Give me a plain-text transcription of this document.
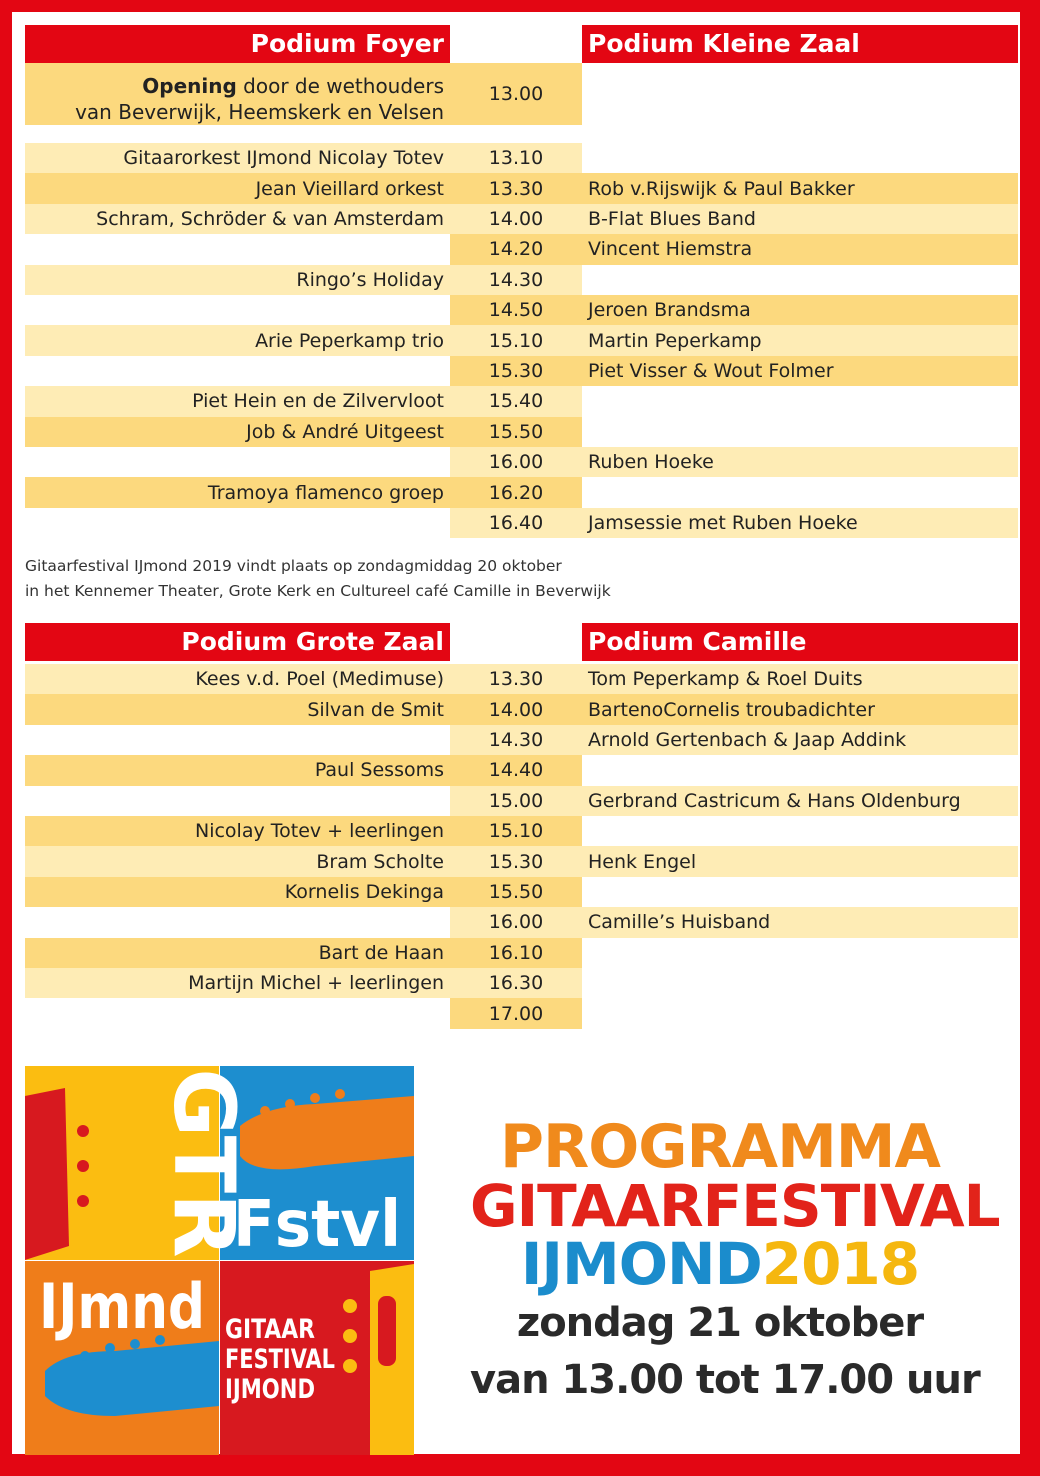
Podium Foyer	Podium Kleine Zaal
Opening door de wethouders
van Beverwijk, Heemskerk en Velsen
13.00
Gitaarorkest IJmond Nicolay Totev	13.10
Jean Vieillard orkest	13.30	Rob v.Rijswijk & Paul Bakker
Schram, Schröder & van Amsterdam	14.00	B-Flat Blues Band
14.20	Vincent Hiemstra
Ringo’s Holiday	14.30
14.50	Jeroen Brandsma
Arie Peperkamp trio	15.10	Martin Peperkamp
15.30	Piet Visser & Wout Folmer
Piet Hein en de Zilvervloot	15.40
Job & André Uitgeest	15.50
16.00	Ruben Hoeke
Tramoya flamenco groep	16.20
16.40	Jamsessie met Ruben Hoeke
Gitaarfestival IJmond 2019 vindt plaats op zondagmiddag 20 oktober
in het Kennemer Theater, Grote Kerk en Cultureel café Camille in Beverwijk
Podium Grote Zaal	Podium Camille
Kees v.d. Poel (Medimuse)	13.30	Tom Peperkamp & Roel Duits
Silvan de Smit	14.00	BartenoCornelis troubadichter
14.30	Arnold Gertenbach & Jaap Addink
Paul Sessoms	14.40
15.00	Gerbrand Castricum & Hans Oldenburg
Nicolay Totev + leerlingen	15.10
Bram Scholte	15.30	Henk Engel
Kornelis Dekinga	15.50
16.00	Camille’s Huisband
Bart de Haan	16.10
Martijn Michel + leerlingen	16.30
17.00
GTR
Fstvl
IJmnd GITAAR
FESTIVAL
IJMOND
PROGRAMMA
GITAARFESTIVAL
IJMOND2018
zondag 21 oktober
van 13.00 tot 17.00 uur
